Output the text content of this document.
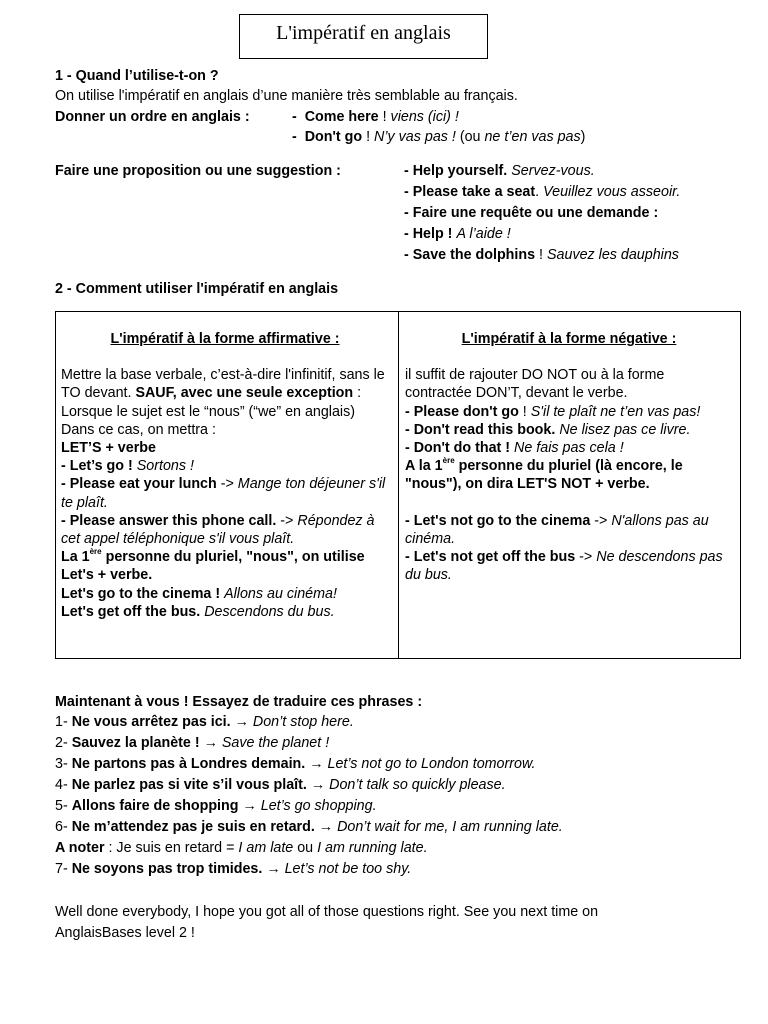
L'impératif en anglais
1 - Quand l’utilise-t-on ?
On utilise l'impératif en anglais d’une manière très semblable au français.
Donner un ordre en anglais :	- Come here ! viens (ici) !
- Don't go ! N’y vas pas ! (ou ne t’en vas pas)
Faire une proposition ou une suggestion :	- Help yourself. Servez-vous.
- Please take a seat. Veuillez vous asseoir.
- Faire une requête ou une demande :
- Help ! A l’aide !
- Save the dolphins ! Sauvez les dauphins
2 - Comment utiliser l'impératif en anglais
L'impératif à la forme affirmative :
Mettre la base verbale, c’est-à-dire l'infinitif, sans le TO devant. SAUF, avec une seule exception : Lorsque le sujet est le “nous” (“we” en anglais) Dans ce cas, on mettra :
LET’S + verbe
- Let’s go ! Sortons !
- Please eat your lunch -> Mange ton déjeuner s'il te plaît.
- Please answer this phone call. -> Répondez à cet appel téléphonique s'il vous plaît.
La 1ère personne du pluriel, "nous", on utilise Let's + verbe.
Let's go to the cinema ! Allons au cinéma!
Let's get off the bus. Descendons du bus.
L'impératif à la forme négative :
il suffit de rajouter DO NOT ou à la forme contractée DON’T, devant le verbe.
- Please don't go ! S'il te plaît ne t’en vas pas!
- Don't read this book. Ne lisez pas ce livre.
- Don't do that ! Ne fais pas cela !
A la 1ère personne du pluriel (là encore, le "nous"), on dira LET'S NOT + verbe.
- Let's not go to the cinema -> N'allons pas au cinéma.
- Let's not get off the bus -> Ne descendons pas du bus.
Maintenant à vous ! Essayez de traduire ces phrases :
1- Ne vous arrêtez pas ici. → Don’t stop here.
2- Sauvez la planète ! → Save the planet !
3- Ne partons pas à Londres demain. → Let’s not go to London tomorrow.
4- Ne parlez pas si vite s’il vous plaît. → Don’t talk so quickly please.
5- Allons faire de shopping → Let’s go shopping.
6- Ne m’attendez pas je suis en retard. → Don’t wait for me, I am running late.
A noter : Je suis en retard = I am late ou I am running late.
7- Ne soyons pas trop timides. → Let’s not be too shy.
Well done everybody, I hope you got all of those questions right. See you next time on
AnglaisBases level 2 !
